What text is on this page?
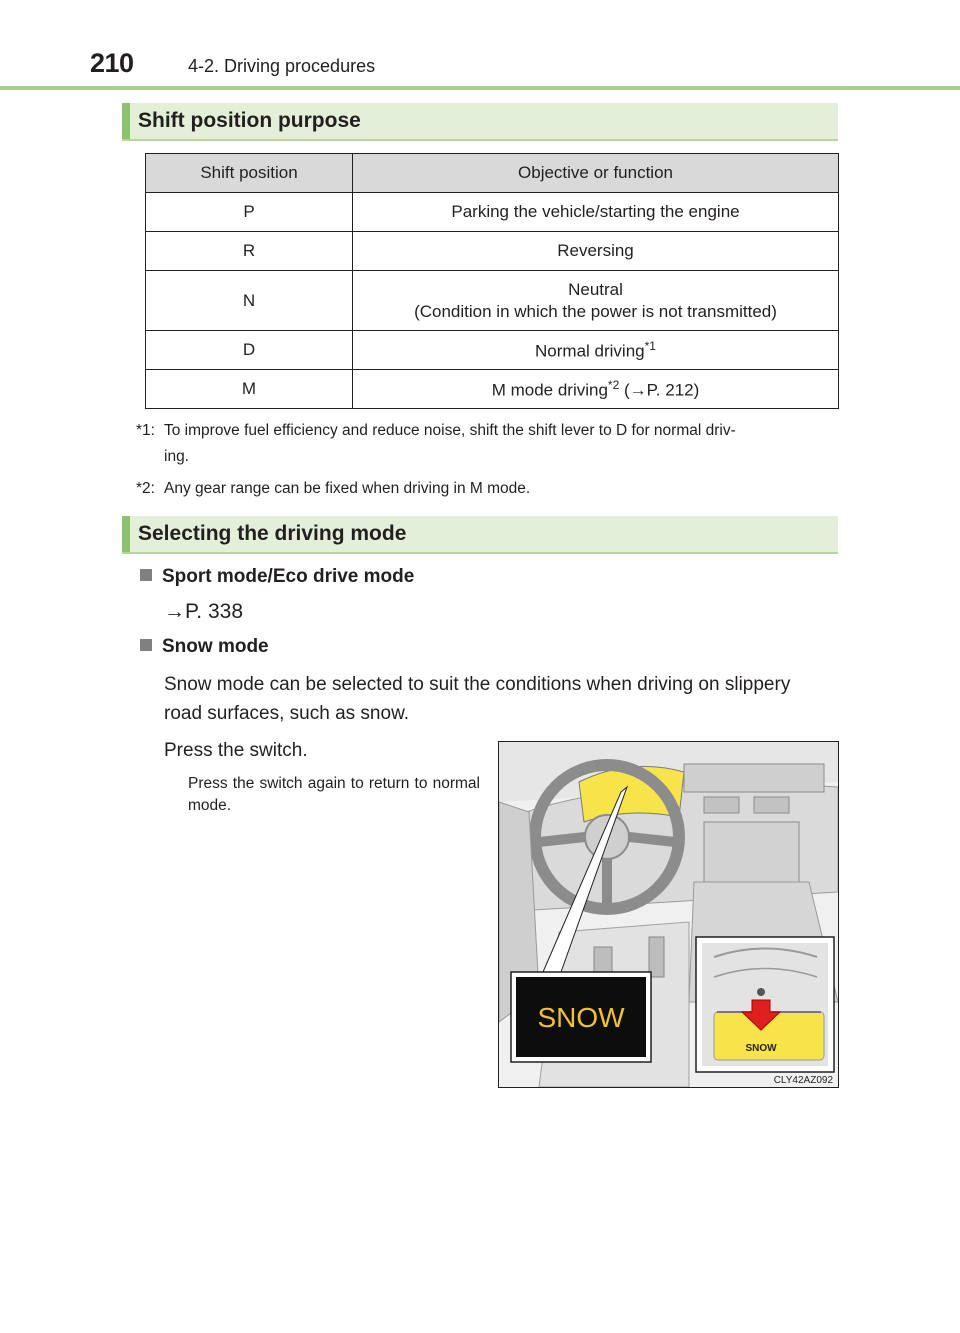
210	4-2. Driving procedures
Shift position purpose
Shift position	Objective or function
P	Parking the vehicle/starting the engine
R	Reversing
N	Neutral
(Condition in which the power is not transmitted)

D	Normal driving$^{*1}$
M	M mode driving$^{*2}$ (→P. 212)
*1: To improve fuel efficiency and reduce noise, shift the shift lever to D for normal driv-
ing.
*2: Any gear range can be fixed when driving in M mode.
Selecting the driving mode
Sport mode/Eco drive mode
→P. 338
Snow mode
Snow mode can be selected to suit the conditions when driving on slippery
road surfaces, such as snow.
Press the switch.
Press the switch again to return to normal mode.
SNOW
SNOW
CLY42AZ092
